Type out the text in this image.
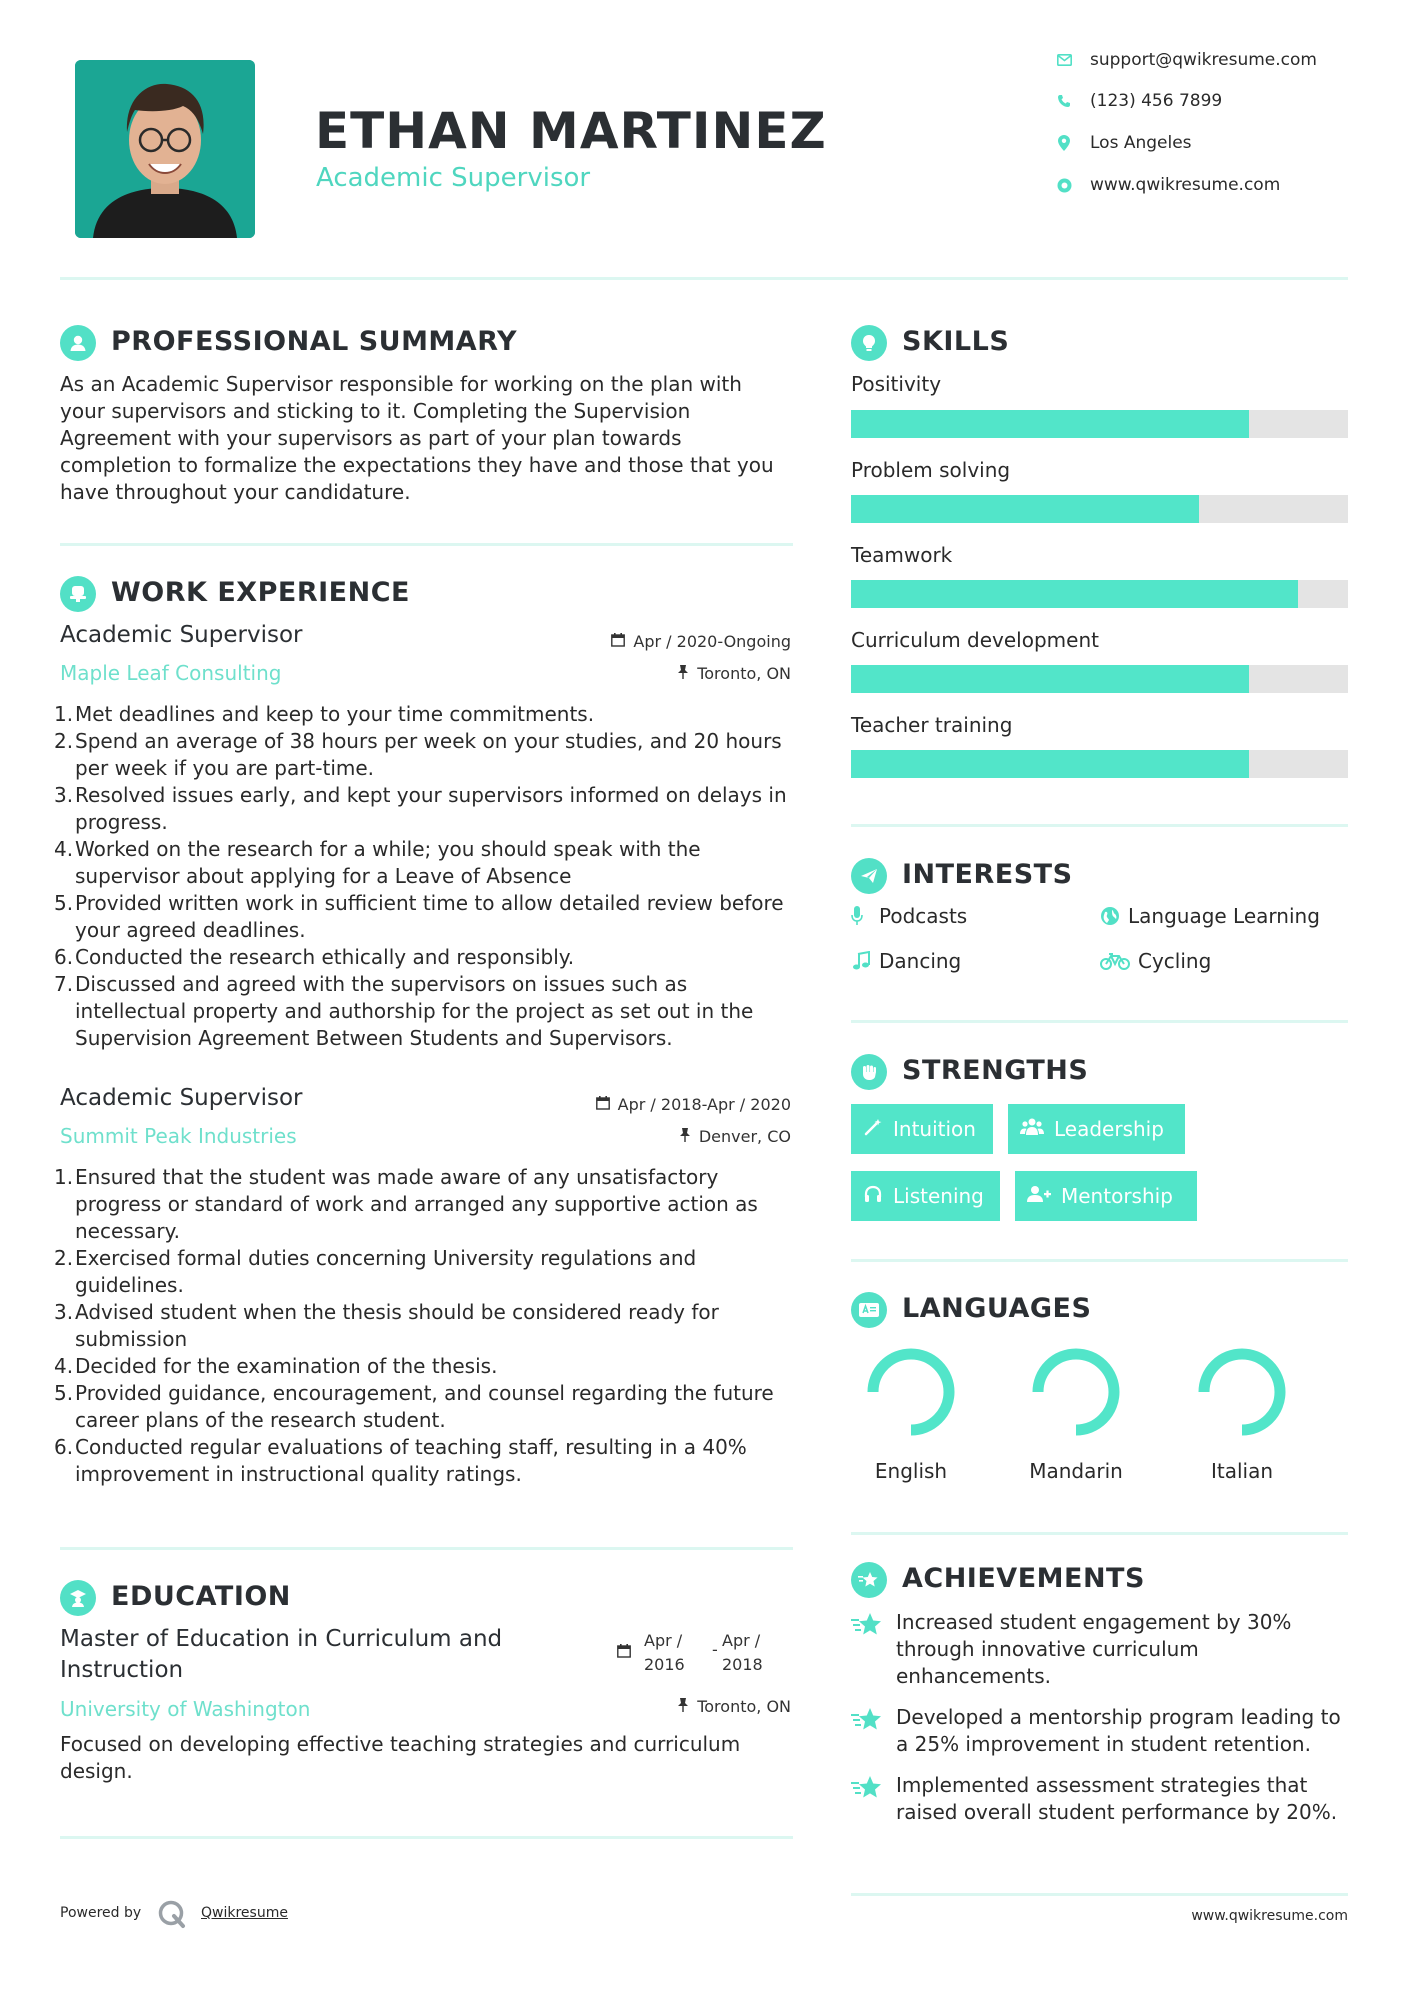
ETHAN MARTINEZ
Academic Supervisor
support@qwikresume.com
(123) 456 7899
Los Angeles
www.qwikresume.com
PROFESSIONAL SUMMARY
As an Academic Supervisor responsible for working on the plan with your supervisors and sticking to it. Completing the Supervision Agreement with your supervisors as part of your plan towards completion to formalize the expectations they have and those that you have throughout your candidature.
WORK EXPERIENCE
Academic Supervisor
Maple Leaf Consulting
Apr / 2020-Ongoing
Toronto, ON
1. Met deadlines and keep to your time commitments.
2. Spend an average of 38 hours per week on your studies, and 20 hours per week if you are part-time.
3. Resolved issues early, and kept your supervisors informed on delays in progress.
4. Worked on the research for a while; you should speak with the supervisor about applying for a Leave of Absence
5. Provided written work in sufficient time to allow detailed review before your agreed deadlines.
6. Conducted the research ethically and responsibly.
7. Discussed and agreed with the supervisors on issues such as intellectual property and authorship for the project as set out in the Supervision Agreement Between Students and Supervisors.
Academic Supervisor
Summit Peak Industries
Apr / 2018-Apr / 2020
Denver, CO
1. Ensured that the student was made aware of any unsatisfactory progress or standard of work and arranged any supportive action as necessary.
2. Exercised formal duties concerning University regulations and guidelines.
3. Advised student when the thesis should be considered ready for submission
4. Decided for the examination of the thesis.
5. Provided guidance, encouragement, and counsel regarding the future career plans of the research student.
6. Conducted regular evaluations of teaching staff, resulting in a 40% improvement in instructional quality ratings.
EDUCATION
Master of Education in Curriculum and
Instruction
University of Washington
Apr /
2016
- Apr /
2018
Toronto, ON
Focused on developing effective teaching strategies and curriculum design.
SKILLS
Positivity
Problem solving
Teamwork
Curriculum development
Teacher training
INTERESTS
Podcasts	Language Learning
Dancing	Cycling
STRENGTHS
Intuition	Leadership
Listening	Mentorship
LANGUAGES
English	Mandarin	Italian
ACHIEVEMENTS
Increased student engagement by 30% through innovative curriculum enhancements.
Developed a mentorship program leading to a 25% improvement in student retention.
Implemented assessment strategies that raised overall student performance by 20%.
Powered by	Qwikresume	www.qwikresume.com
